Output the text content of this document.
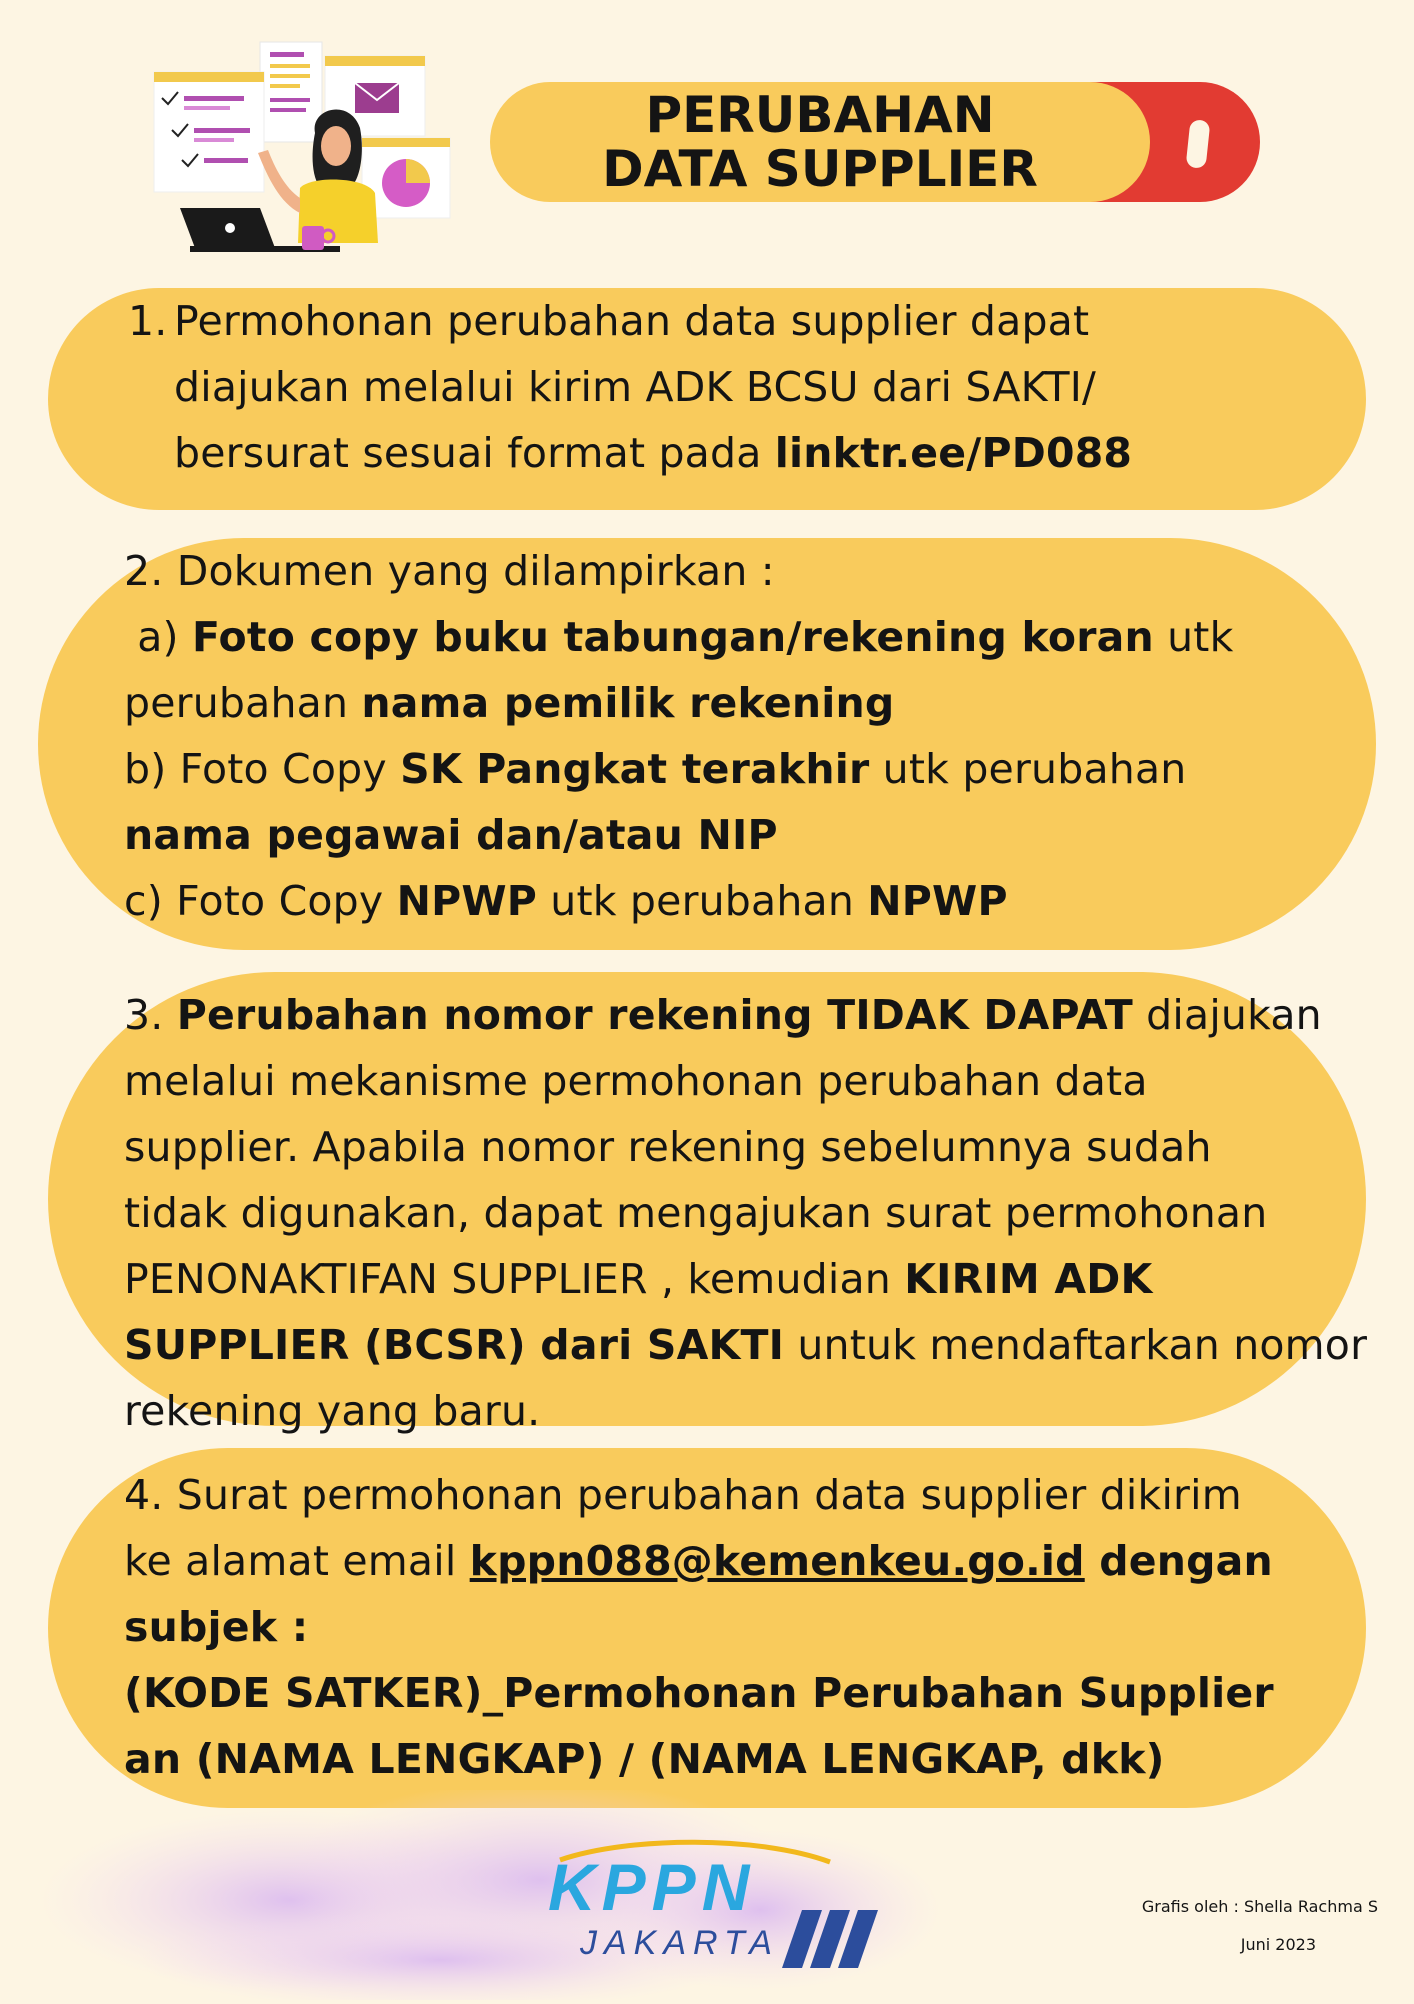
PERUBAHAN
DATA SUPPLIER
1. Permohonan perubahan data supplier dapat
diajukan melalui kirim ADK BCSU dari SAKTI/
bersurat sesuai format pada linktr.ee/PD088
2. Dokumen yang dilampirkan :
a) Foto copy buku tabungan/rekening koran utk
perubahan nama pemilik rekening
b) Foto Copy SK Pangkat terakhir utk perubahan
nama pegawai dan/atau NIP
c) Foto Copy NPWP utk perubahan NPWP
3. Perubahan nomor rekening TIDAK DAPAT diajukan
melalui mekanisme permohonan perubahan data
supplier. Apabila nomor rekening sebelumnya sudah
tidak digunakan, dapat mengajukan surat permohonan
PENONAKTIFAN SUPPLIER , kemudian KIRIM ADK
SUPPLIER (BCSR) dari SAKTI untuk mendaftarkan nomor
rekening yang baru.
4. Surat permohonan perubahan data supplier dikirim
ke alamat email kppn088@kemenkeu.go.id dengan
subjek :
(KODE SATKER)_Permohonan Perubahan Supplier
an (NAMA LENGKAP) / (NAMA LENGKAP, dkk)
KPPN
JAKARTA
Grafis oleh : Shella Rachma S
Juni 2023
